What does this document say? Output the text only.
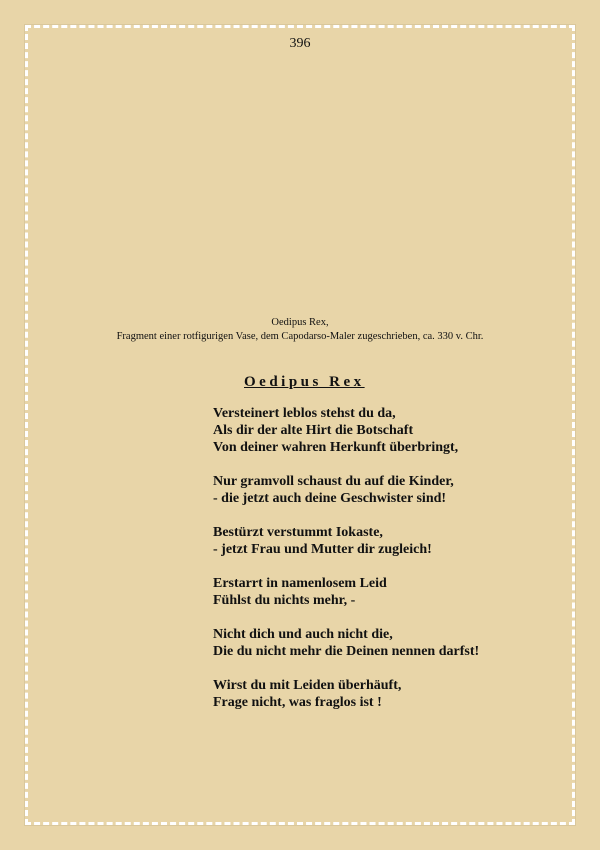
396
Oedipus Rex,
Fragment einer rotfigurigen Vase, dem Capodarso-Maler zugeschrieben, ca. 330 v. Chr.
Oedipus Rex
Versteinert leblos stehst du da,
Als dir der alte Hirt die Botschaft
Von deiner wahren Herkunft überbringt,
Nur gramvoll schaust du auf die Kinder,
- die jetzt auch deine Geschwister sind!
Bestürzt verstummt Iokaste,
- jetzt Frau und Mutter dir zugleich!
Erstarrt in namenlosem Leid
Fühlst du nichts mehr, -
Nicht dich und auch nicht die,
Die du nicht mehr die Deinen nennen darfst!
Wirst du mit Leiden überhäuft,
Frage nicht, was fraglos ist !
